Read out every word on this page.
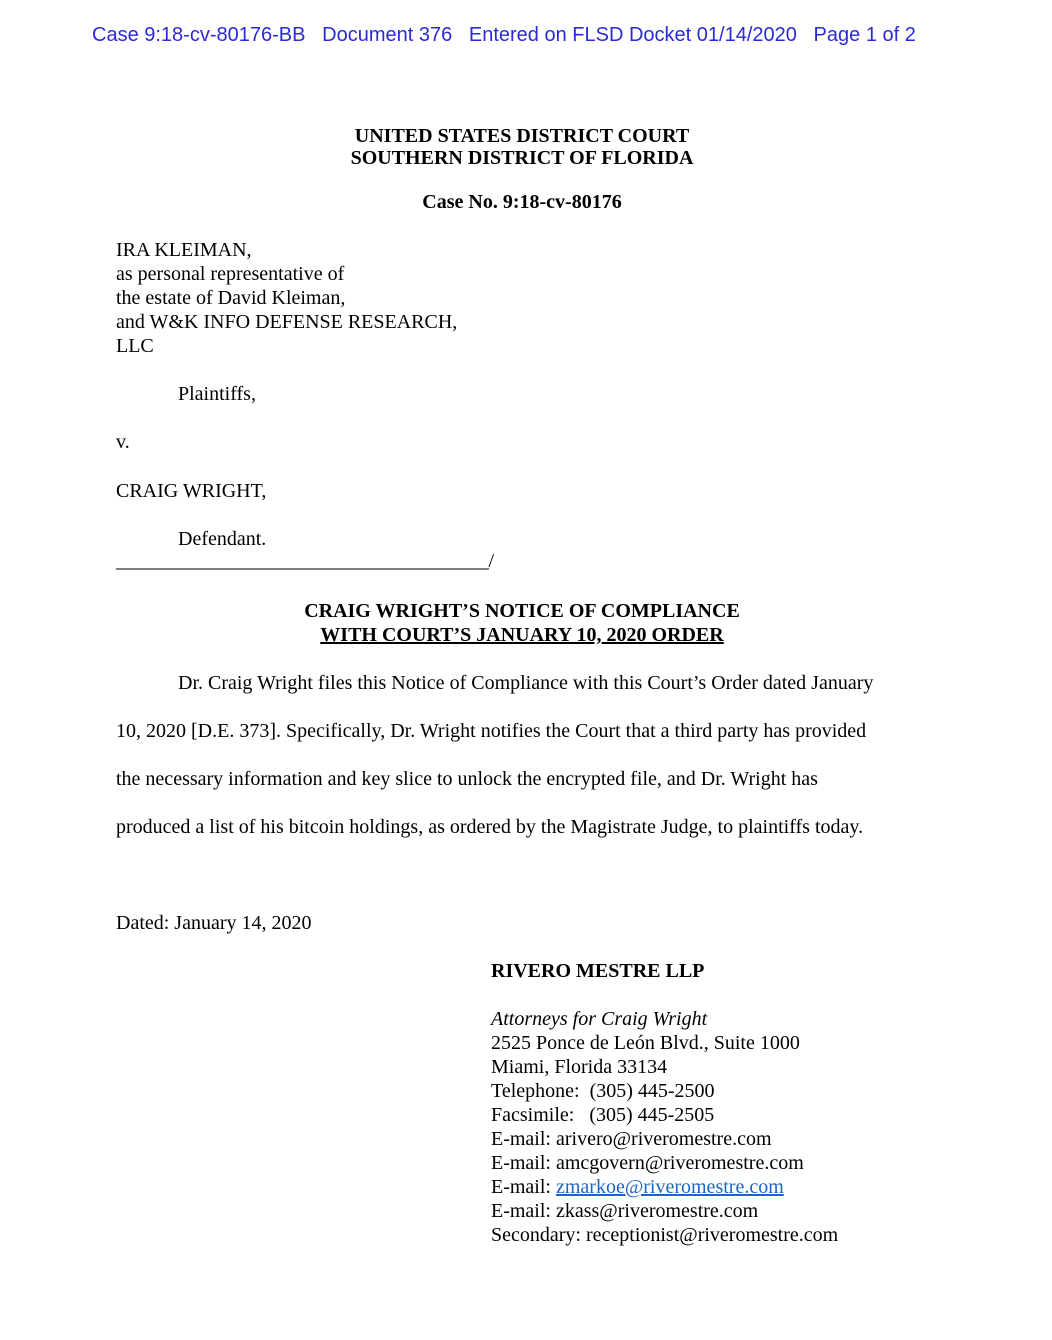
Case 9:18-cv-80176-BB Document 376 Entered on FLSD Docket 01/14/2020 Page 1 of 2
UNITED STATES DISTRICT COURT
SOUTHERN DISTRICT OF FLORIDA
Case No. 9:18-cv-80176
IRA KLEIMAN,
as personal representative of
the estate of David Kleiman,
and W&K INFO DEFENSE RESEARCH,
LLC
Plaintiffs,
v.
CRAIG WRIGHT,
Defendant.
_______________________________________/
CRAIG WRIGHT’S NOTICE OF COMPLIANCE
WITH COURT’S JANUARY 10, 2020 ORDER
Dr. Craig Wright files this Notice of Compliance with this Court’s Order dated January
10, 2020 [D.E. 373]. Specifically, Dr. Wright notifies the Court that a third party has provided
the necessary information and key slice to unlock the encrypted file, and Dr. Wright has
produced a list of his bitcoin holdings, as ordered by the Magistrate Judge, to plaintiffs today.
Dated: January 14, 2020
RIVERO MESTRE LLP
Attorneys for Craig Wright
2525 Ponce de León Blvd., Suite 1000
Miami, Florida 33134
Telephone:  (305) 445-2500
Facsimile:   (305) 445-2505
E-mail: arivero@riveromestre.com
E-mail: amcgovern@riveromestre.com
E-mail: zmarkoe@riveromestre.com
E-mail: zkass@riveromestre.com
Secondary: receptionist@riveromestre.com
